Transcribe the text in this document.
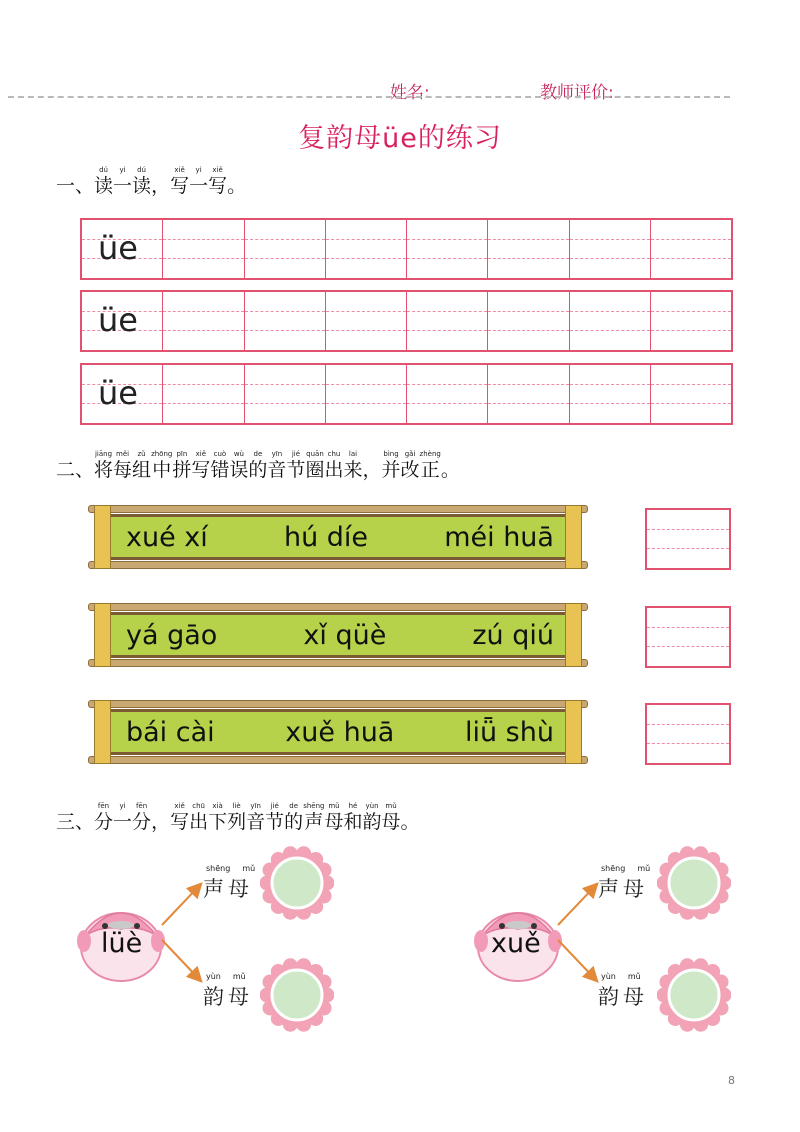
姓名:	教师评价:
复韵母üe的练习
一、
dú
读
yi
一
dú
读 ，
xiě
写
yi
一
xiě
写 。
üe
üe
üe
二、
jiāng
将
měi
每
zǔ
组
zhōng
中
pīn
拼
xiě
写
cuò
错
wù
误
de
的
yīn
音
jié
节
quān
圈
chu
出
lai
来 ，
bìng
并
gǎi
改
zhèng
正 。
xué xí	hú díe	méi huā
yá gāo	xǐ qüè	zú qiú
bái cài	xuě huā	liǖ shù
三、
fēn
分
yi
一
fēn
分 ，
xiě
写
chū
出
xià
下
liè
列
yīn
音
jié
节
de
的
shēng
声
mǔ
母
hé
和
yùn
韵
mǔ
母 。
lüè
shēng mǔ
声母
yùn mǔ
韵母
xuě
shēng mǔ
声母
yùn mǔ
韵母
8
